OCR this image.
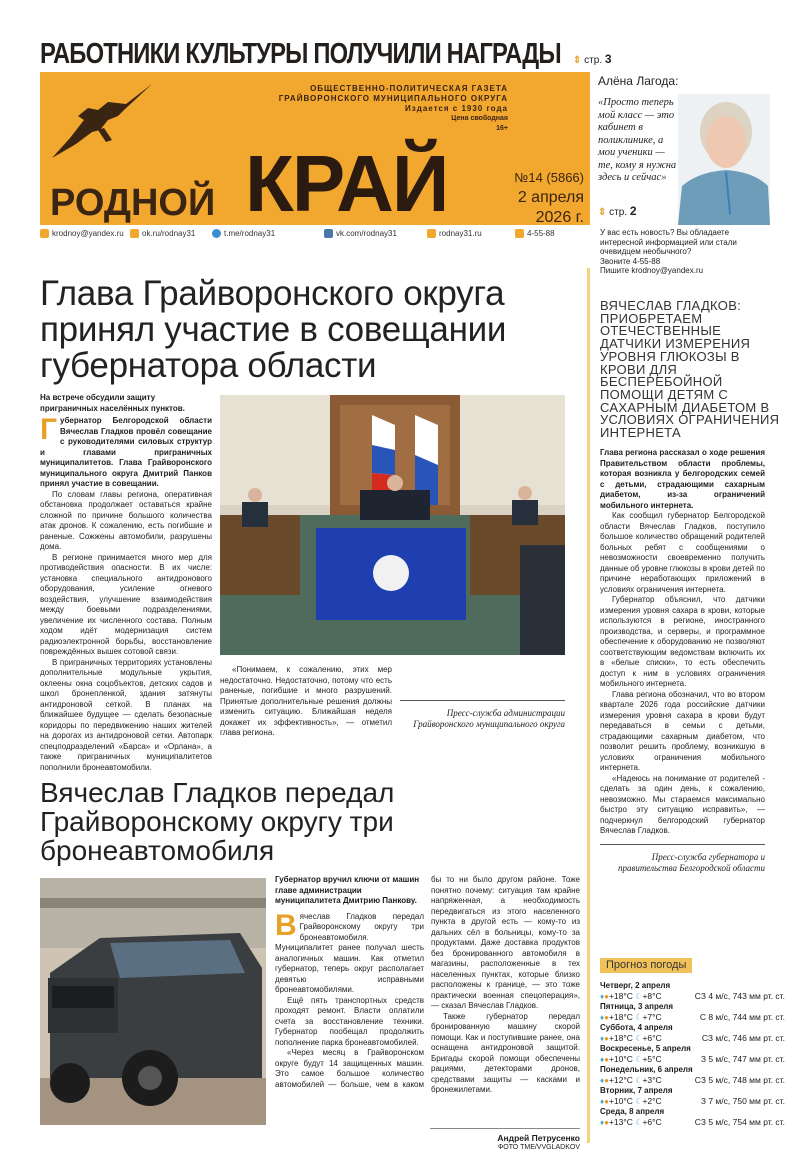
РАБОТНИКИ КУЛЬТУРЫ ПОЛУЧИЛИ НАГРАДЫ ⇕ стр. 3
ОБЩЕСТВЕННО-ПОЛИТИЧЕСКАЯ ГАЗЕТА
ГРАЙВОРОНСКОГО МУНИЦИПАЛЬНОГО ОКРУГА
Издается с 1930 года
Цена свободная
16+
РОДНОЙ КРАЙ	№14 (5866)
2 апреля
2026 г.
Алёна Лагода:
«Просто теперь мой класс — это кабинет в поликлинике, а мои ученики — те, кому я нужна здесь и сейчас»
⇕ стр. 2
krodnoy@yandex.ru ok.ru/rodnay31	t.me/rodnay31	vk.com/rodnay31	rodnay31.ru	4-55-88	У вас есть новость? Вы обладаете интересной информацией или стали очевидцем необычного?
Звоните 4-55-88
Пишите krodnoy@yandex.ru
Глава Грайворонского округа принял участие в совещании губернатора области
На встрече обсудили защиту приграничных населённых пунктов.

Губернатор Белгородской области Вячеслав Гладков провёл совещание с руководителями силовых структур и главами приграничных муниципалитетов. Глава Грайворонского муниципального округа Дмитрий Панков принял участие в совещании.

По словам главы региона, оперативная обстановка продолжает оставаться крайне сложной по причине большого количества атак дронов. К сожалению, есть погибшие и раненые. Сожжены автомобили, разрушены дома.

В регионе принимается много мер для противодействия опасности. В их числе: установка специального антидронового оборудования, усиление огневого воздействия, улучшение взаимодействия между боевыми подразделениями, увеличение их численного состава. Полным ходом идёт модернизация систем радиоэлектронной борьбы, восстановление повреждённых вышек сотовой связи.

В приграничных территориях установлены дополнительные модульные укрытия, оклеены окна соцобъектов, детских садов и школ бронепленкой, здания затянуты антидроновой сеткой. В планах на ближайшее будущее — сделать безопасные коридоры по передвижению наших жителей на дорогах из антидроновой сетки. Автопарк спецподразделений «Барса» и «Орлана», а также приграничных муниципалитетов пополнили бронеавтомобили.

«Понимаем, к сожалению, этих мер недостаточно. Недостаточно, потому что есть раненые, погибшие и много разрушений. Принятые дополнительные решения должны изменить ситуацию. Ближайшая неделя докажет их эффективность», — отметил глава региона.

Пресс-служба администрации Грайворонского муниципального округа
Вячеслав Гладков передал Грайворонскому округу три бронеавтомобиля
Губернатор вручил ключи от машин главе администрации муниципалитета Дмитрию Панкову.

Вячеслав Гладков передал Грайворонскому округу три бронеавтомобиля. Муниципалитет ранее получал шесть аналогичных машин. Как отметил губернатор, теперь округ располагает девятью исправными бронеавтомобилями.

Ещё пять транспортных средств проходят ремонт. Власти оплатили счета за восстановление техники. Губернатор пообещал продолжить пополнение парка бронеавтомобилей.

«Через месяц в Грайворонском округе будут 14 защищенных машин. Это самое большое количество автомобилей — больше, чем в каком бы то ни было другом районе. Тоже понятно почему: ситуация там крайне напряженная, а необходимость передвигаться из этого населенного пункта в другой есть — кому-то из дальних сёл в больницы, кому-то за продуктами. Даже доставка продуктов без бронированного автомобиля в магазины, расположенные в тех населенных пунктах, которые близко расположены к границе, — это тоже практически военная спецоперация», — сказал Вячеслав Гладков.

Также губернатор передал бронированную машину скорой помощи. Как и поступившие ранее, она оснащена антидроновой защитой. Бригады скорой помощи обеспечены рациями, детекторами дронов, средствами защиты — касками и бронежилетами.

Андрей Петрусенко
ФОТО TME/VVGLADKOV
ВЯЧЕСЛАВ ГЛАДКОВ: ПРИОБРЕТАЕМ ОТЕЧЕСТВЕННЫЕ ДАТЧИКИ ИЗМЕРЕНИЯ УРОВНЯ ГЛЮКОЗЫ В КРОВИ ДЛЯ БЕСПЕРЕБОЙНОЙ ПОМОЩИ ДЕТЯМ С САХАРНЫМ ДИАБЕТОМ В УСЛОВИЯХ ОГРАНИЧЕНИЯ ИНТЕРНЕТА

Глава региона рассказал о ходе решения Правительством области проблемы, которая возникла у белгородских семей с детьми, страдающими сахарным диабетом, из-за ограничений мобильного интернета.

Как сообщил губернатор Белгородской области Вячеслав Гладков, поступило большое количество обращений родителей больных ребят с сообщениями о невозможности своевременно получить данные об уровне глюкозы в крови детей по причине неработающих приложений в условиях ограничения интернета.

Губернатор объяснил, что датчики измерения уровня сахара в крови, которые используются в регионе, иностранного производства, и серверы, и программное обеспечение к оборудованию не позволяют соответствующим ведомствам включить их в «белые списки», то есть обеспечить доступ к ним в условиях ограничения мобильного интернета.

Глава региона обозначил, что во втором квартале 2026 года российские датчики измерения уровня сахара в крови будут передаваться в семьи с детьми, страдающими сахарным диабетом, что позволит решить проблему, возникшую в условиях ограничения мобильного интернета.

«Надеюсь на понимание от родителей - сделать за один день, к сожалению, невозможно. Мы стараемся максимально быстро эту ситуацию исправить», — подчеркнул белгородский губернатор Вячеслав Гладков.

Пресс-служба губернатора и правительства Белгородской области
Прогноз погоды
Четверг, 2 апреля
♦●+18°C ☾+8°C	СЗ 4 м/с, 743 мм рт. ст.
Пятница, 3 апреля
♦●+18°C ☾+7°C	С 8 м/с, 744 мм рт. ст.
Суббота, 4 апреля
♦●+18°C ☾+6°C	СЗ м/с, 746 мм рт. ст.
Воскресенье, 5 апреля
♦●+10°C ☾+5°C	З 5 м/с, 747 мм рт. ст.
Понедельник, 6 апреля
♦●+12°C ☾+3°C	СЗ 5 м/с, 748 мм рт. ст.
Вторник, 7 апреля
♦●+10°C ☾+2°C	З 7 м/с, 750 мм рт. ст.
Среда, 8 апреля
♦●+13°C ☾+6°C	СЗ 5 м/с, 754 мм рт. ст.
